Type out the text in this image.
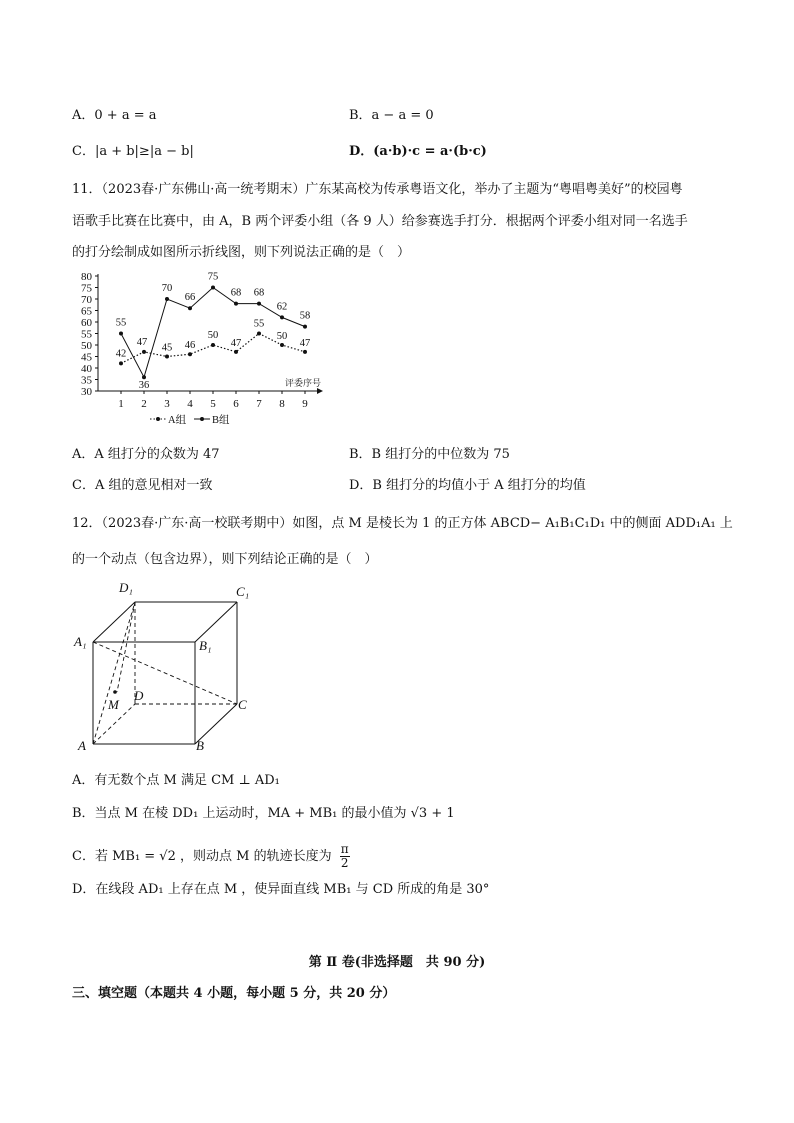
A．0 + a = a	B．a − a = 0
C．|a + b|≥|a − b|	D．(a·b)·c = a·(b·c)
11．（2023春·广东佛山·高一统考期末）广东某高校为传承粤语文化，举办了主题为“粤唱粤美好”的校园粤
语歌手比赛在比赛中，由 A，B 两个评委小组（各 9 人）给参赛选手打分．根据两个评委小组对同一名选手
的打分绘制成如图所示折线图，则下列说法正确的是（　）
30
35
40
45
50
55
60
65
70
75
80
1 2 3 4 5 6 7 8 9
评委序号
42
47
45 46
50
47
55
50
47
55
36
70
66
75
68 68
62
58
A组 B组
A．A 组打分的众数为 47	B．B 组打分的中位数为 75
C．A 组的意见相对一致	D．B 组打分的均值小于 A 组打分的均值
12．（2023春·广东·高一校联考期中）如图，点 M 是棱长为 1 的正方体 ABCD− A₁B₁C₁D₁ 中的侧面 ADD₁A₁ 上
的一个动点（包含边界），则下列结论正确的是（　）
D₁	C₁
A₁	B₁
M
D
C
A	B
A．有无数个点 M 满足 CM ⊥ AD₁
B．当点 M 在棱 DD₁ 上运动时，MA + MB₁ 的最小值为 √3 + 1
C．若 MB₁ = √2 ，则动点 M 的轨迹长度为 $\frac{\pi}{2}$
D．在线段 AD₁ 上存在点 M ，使异面直线 MB₁ 与 CD 所成的角是 30°
第 Ⅱ 卷(非选择题　共 90 分)
三、填空题（本题共 4 小题，每小题 5 分，共 20 分）
